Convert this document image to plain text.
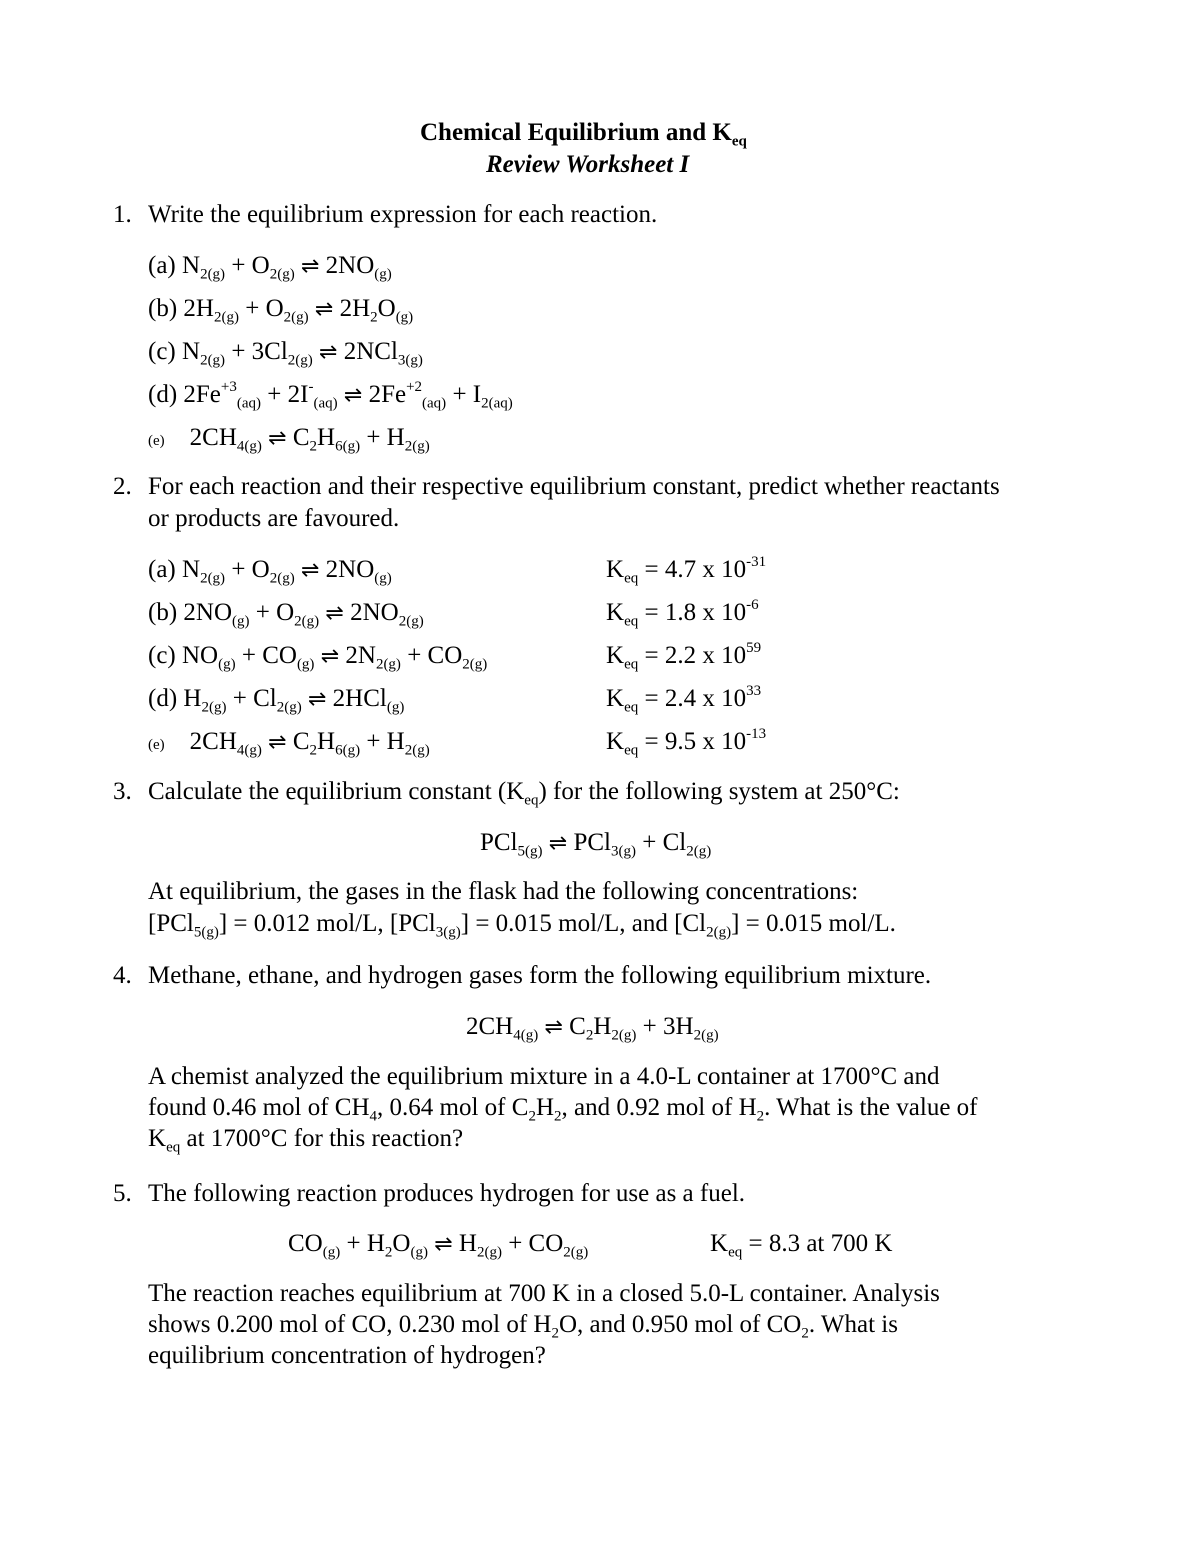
Chemical Equilibrium and $K_{eq}$
Review Worksheet I
1. Write the equilibrium expression for each reaction.
(a) $N_{2(g)} + O_{2(g)}$ ⇌ $2NO_{(g)}$
(b) $2H_{2(g)} + O_{2(g)}$ ⇌ $2H_2O_{(g)}$
(c) $N_{2(g)} + 3Cl_{2(g)}$ ⇌ 2NCl$_{3(g)}$
(d) $2Fe^{+3}_{(aq)} + 2I^-_{(aq)}$ ⇌ $2Fe^{+2}_{(aq)} + I_{2(aq)}$
(e)    $2CH_{4(g)}$ ⇌ $C_2H_{6(g)} + H_{2(g)}$
2. For each reaction and their respective equilibrium constant, predict whether reactants
or products are favoured.
(a) $N_{2(g)} + O_{2(g)}$ ⇌ $2NO_{(g)}$
(b) $2NO_{(g)} + O_{2(g)}$ ⇌ $2NO_{2(g)}$
(c) $NO_{(g)} + CO_{(g)}$ ⇌ $2N_{2(g)} + CO_{2(g)}$
(d) $H_{2(g)} + Cl_{2(g)}$ ⇌ 2HCl$_{(g)}$
(e)    $2CH_{4(g)}$ ⇌ $C_2H_{6(g)} + H_{2(g)}$
$K_{eq} = 4.7$ x $10^{-31}$
$K_{eq} = 1.8$ x $10^{-6}$
$K_{eq} = 2.2$ x $10^{59}$
$K_{eq} = 2.4$ x $10^{33}$
$K_{eq} = 9.5$ x $10^{-13}$
3. Calculate the equilibrium constant $(K_{eq})$ for the following system at 250°C:
PCl$_{5(g)}$ ⇌ $PCl_{3(g)} + Cl_{2(g)}$
At equilibrium, the gases in the flask had the following concentrations:
[PCl$_{5(g)}$] = 0.012 mol/L, [PCl$_{3(g)}$] = 0.015 mol/L, and $[Cl_{2(g)}] = 0.015$ mol/L.
4. Methane, ethane, and hydrogen gases form the following equilibrium mixture.
$2CH_{4(g)}$ ⇌ $C_2H_{2(g)} + 3H_{2(g)}$
A chemist analyzed the equilibrium mixture in a 4.0-L container at 1700°C and
found 0.46 mol of $CH_4$, 0.64 mol of $C_2H_2$, and 0.92 mol of $H_2$. What is the value of
$K_{eq}$ at 1700°C for this reaction?
5. The following reaction produces hydrogen for use as a fuel.
$CO_{(g)} + H_2O_{(g)}$ ⇌ $H_{2(g)} + CO_{2(g)}$	$K_{eq} = 8.3$ at 700 K
The reaction reaches equilibrium at 700 K in a closed 5.0-L container. Analysis
shows 0.200 mol of CO, 0.230 mol of $H_2O$, and 0.950 mol of $CO_2$. What is
equilibrium concentration of hydrogen?
